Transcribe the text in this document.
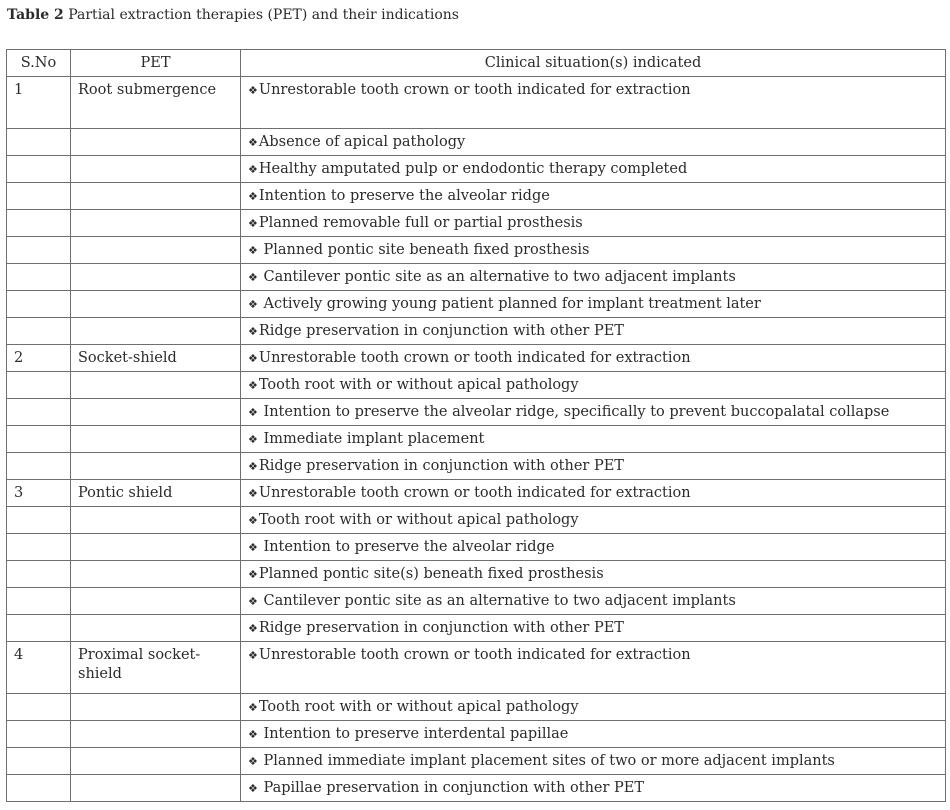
Table 2 Partial extraction therapies (PET) and their indications
S.No	PET	Clinical situation(s) indicated
1	Root submergence	❖Unrestorable tooth crown or tooth indicated for extraction
		❖Absence of apical pathology
		❖Healthy amputated pulp or endodontic therapy completed
		❖Intention to preserve the alveolar ridge
		❖Planned removable full or partial prosthesis
		❖ Planned pontic site beneath fixed prosthesis
		❖ Cantilever pontic site as an alternative to two adjacent implants
		❖ Actively growing young patient planned for implant treatment later
		❖Ridge preservation in conjunction with other PET
2	Socket-shield	❖Unrestorable tooth crown or tooth indicated for extraction
		❖Tooth root with or without apical pathology
		❖ Intention to preserve the alveolar ridge, specifically to prevent buccopalatal collapse
		❖ Immediate implant placement
		❖Ridge preservation in conjunction with other PET
3	Pontic shield	❖Unrestorable tooth crown or tooth indicated for extraction
		❖Tooth root with or without apical pathology
		❖ Intention to preserve the alveolar ridge
		❖Planned pontic site(s) beneath fixed prosthesis
		❖ Cantilever pontic site as an alternative to two adjacent implants
		❖Ridge preservation in conjunction with other PET
4	Proximal socket-shield	❖Unrestorable tooth crown or tooth indicated for extraction
		❖Tooth root with or without apical pathology
		❖ Intention to preserve interdental papillae
		❖ Planned immediate implant placement sites of two or more adjacent implants
		❖ Papillae preservation in conjunction with other PET
